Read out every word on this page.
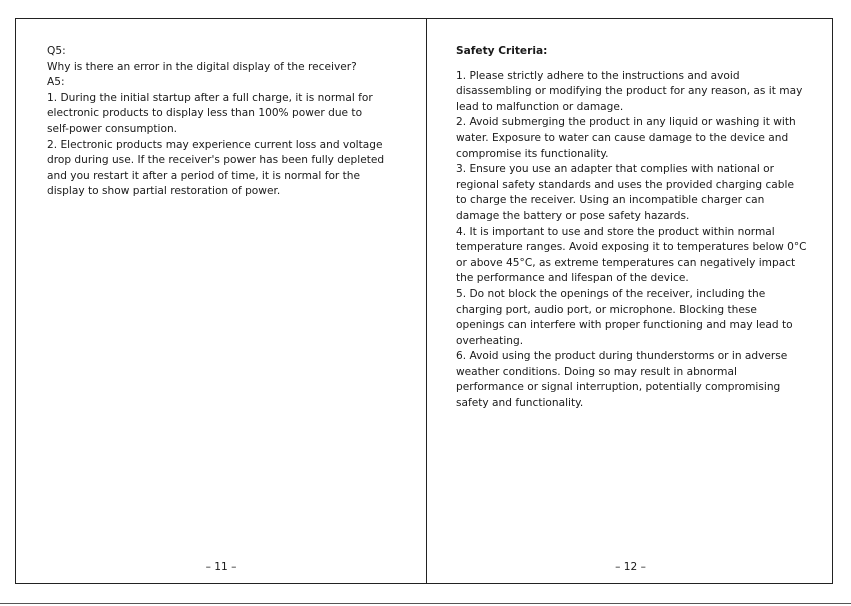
Q5:
Why is there an error in the digital display of the receiver?
A5:
1. During the initial startup after a full charge, it is normal for
electronic products to display less than 100% power due to
self-power consumption.
2. Electronic products may experience current loss and voltage
drop during use. If the receiver's power has been fully depleted
and you restart it after a period of time, it is normal for the
display to show partial restoration of power.
– 11 –
Safety Criteria:
1. Please strictly adhere to the instructions and avoid
disassembling or modifying the product for any reason, as it may
lead to malfunction or damage.
2. Avoid submerging the product in any liquid or washing it with
water. Exposure to water can cause damage to the device and
compromise its functionality.
3. Ensure you use an adapter that complies with national or
regional safety standards and uses the provided charging cable
to charge the receiver. Using an incompatible charger can
damage the battery or pose safety hazards.
4. It is important to use and store the product within normal
temperature ranges. Avoid exposing it to temperatures below 0°C
or above 45°C, as extreme temperatures can negatively impact
the performance and lifespan of the device.
5. Do not block the openings of the receiver, including the
charging port, audio port, or microphone. Blocking these
openings can interfere with proper functioning and may lead to
overheating.
6. Avoid using the product during thunderstorms or in adverse
weather conditions. Doing so may result in abnormal
performance or signal interruption, potentially compromising
safety and functionality.
– 12 –
